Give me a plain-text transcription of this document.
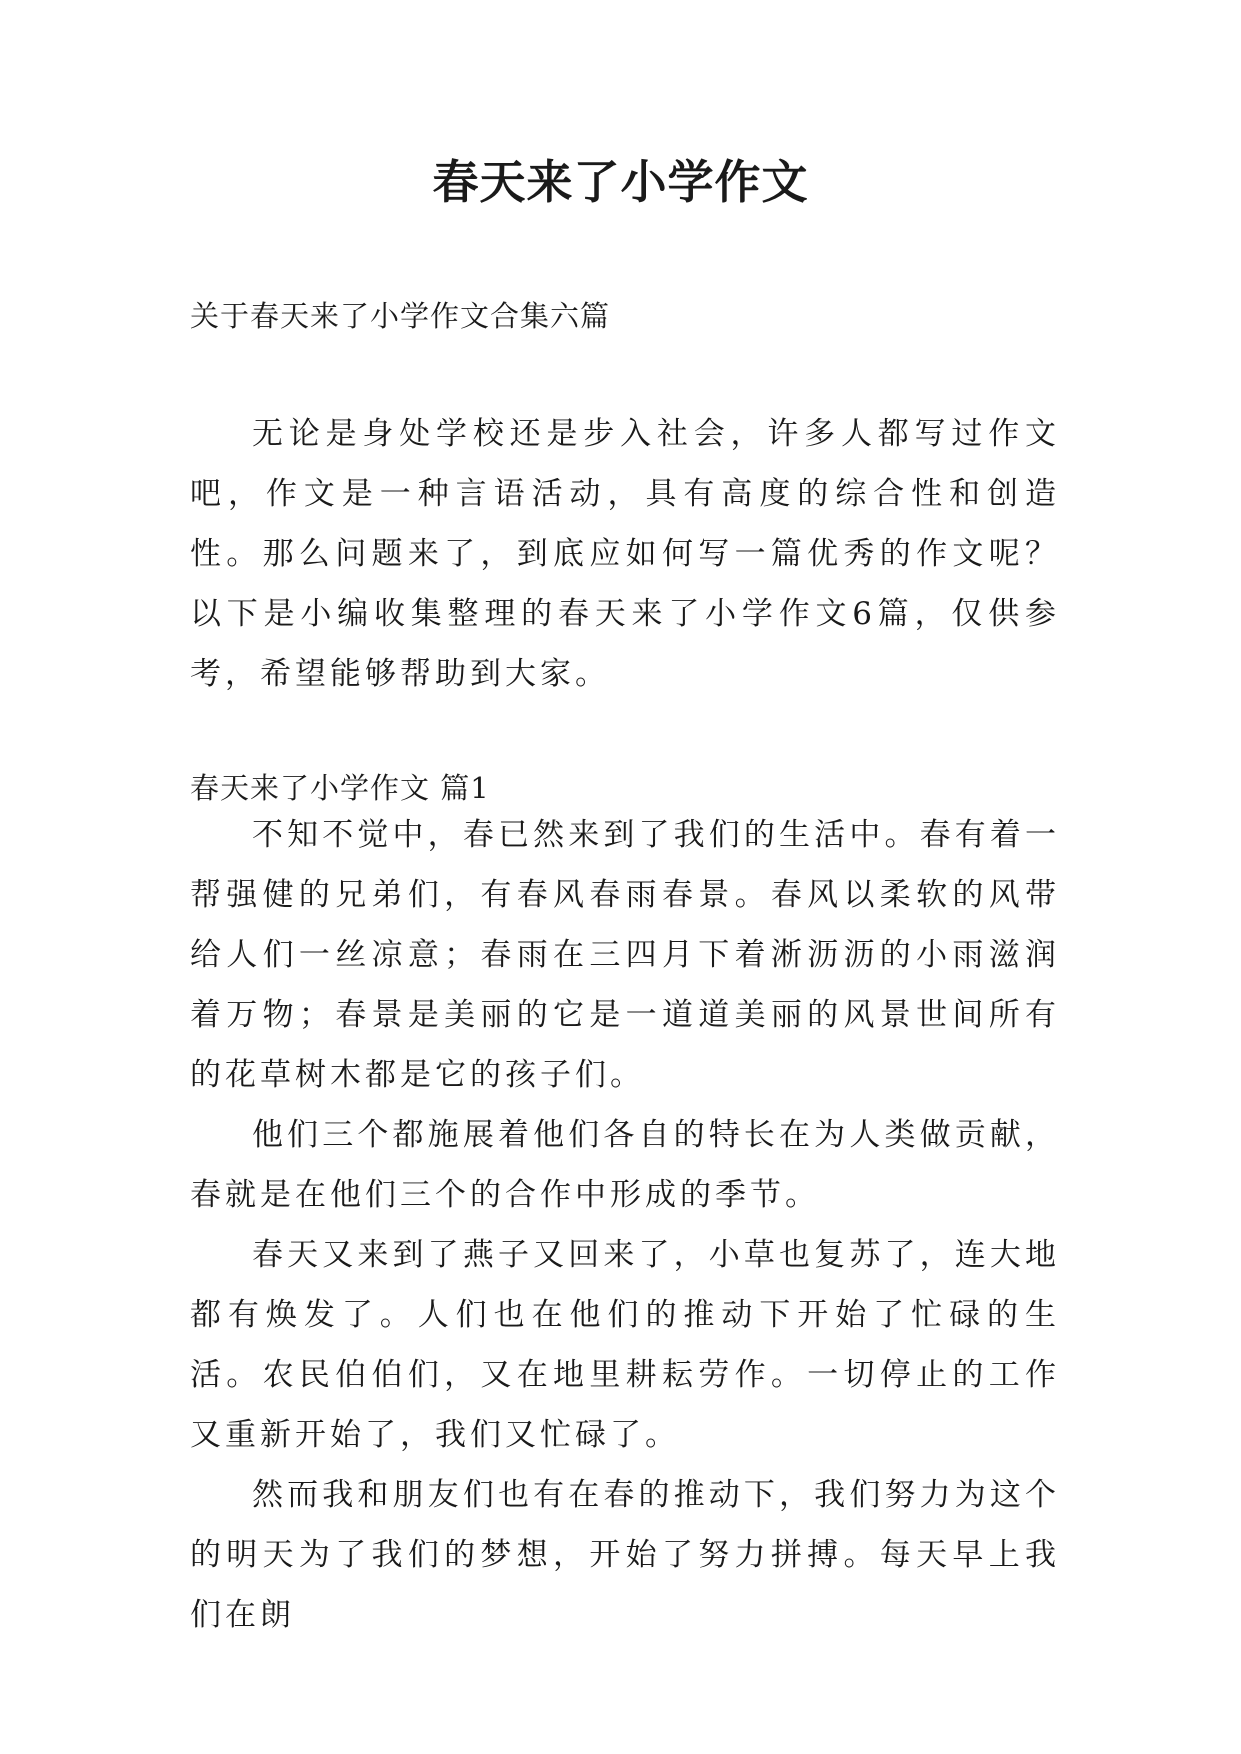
春天来了小学作文

关于春天来了小学作文合集六篇

无论是身处学校还是步入社会，许多人都写过作文吧，作文是一种言语活动，具有高度的综合性和创造性。那么问题来了，到底应如何写一篇优秀的作文呢？以下是小编收集整理的春天来了小学作文6篇，仅供参考，希望能够帮助到大家。

春天来了小学作文 篇1

不知不觉中，春已然来到了我们的生活中。春有着一帮强健的兄弟们，有春风春雨春景。春风以柔软的风带给人们一丝凉意；春雨在三四月下着淅沥沥的小雨滋润着万物；春景是美丽的它是一道道美丽的风景世间所有的花草树木都是它的孩子们。

他们三个都施展着他们各自的特长在为人类做贡献，春就是在他们三个的合作中形成的季节。

春天又来到了燕子又回来了，小草也复苏了，连大地都有焕发了。人们也在他们的推动下开始了忙碌的生活。农民伯伯们，又在地里耕耘劳作。一切停止的工作又重新开始了，我们又忙碌了。

然而我和朋友们也有在春的推动下，我们努力为这个的明天为了我们的梦想，开始了努力拼搏。每天早上我们在朗
